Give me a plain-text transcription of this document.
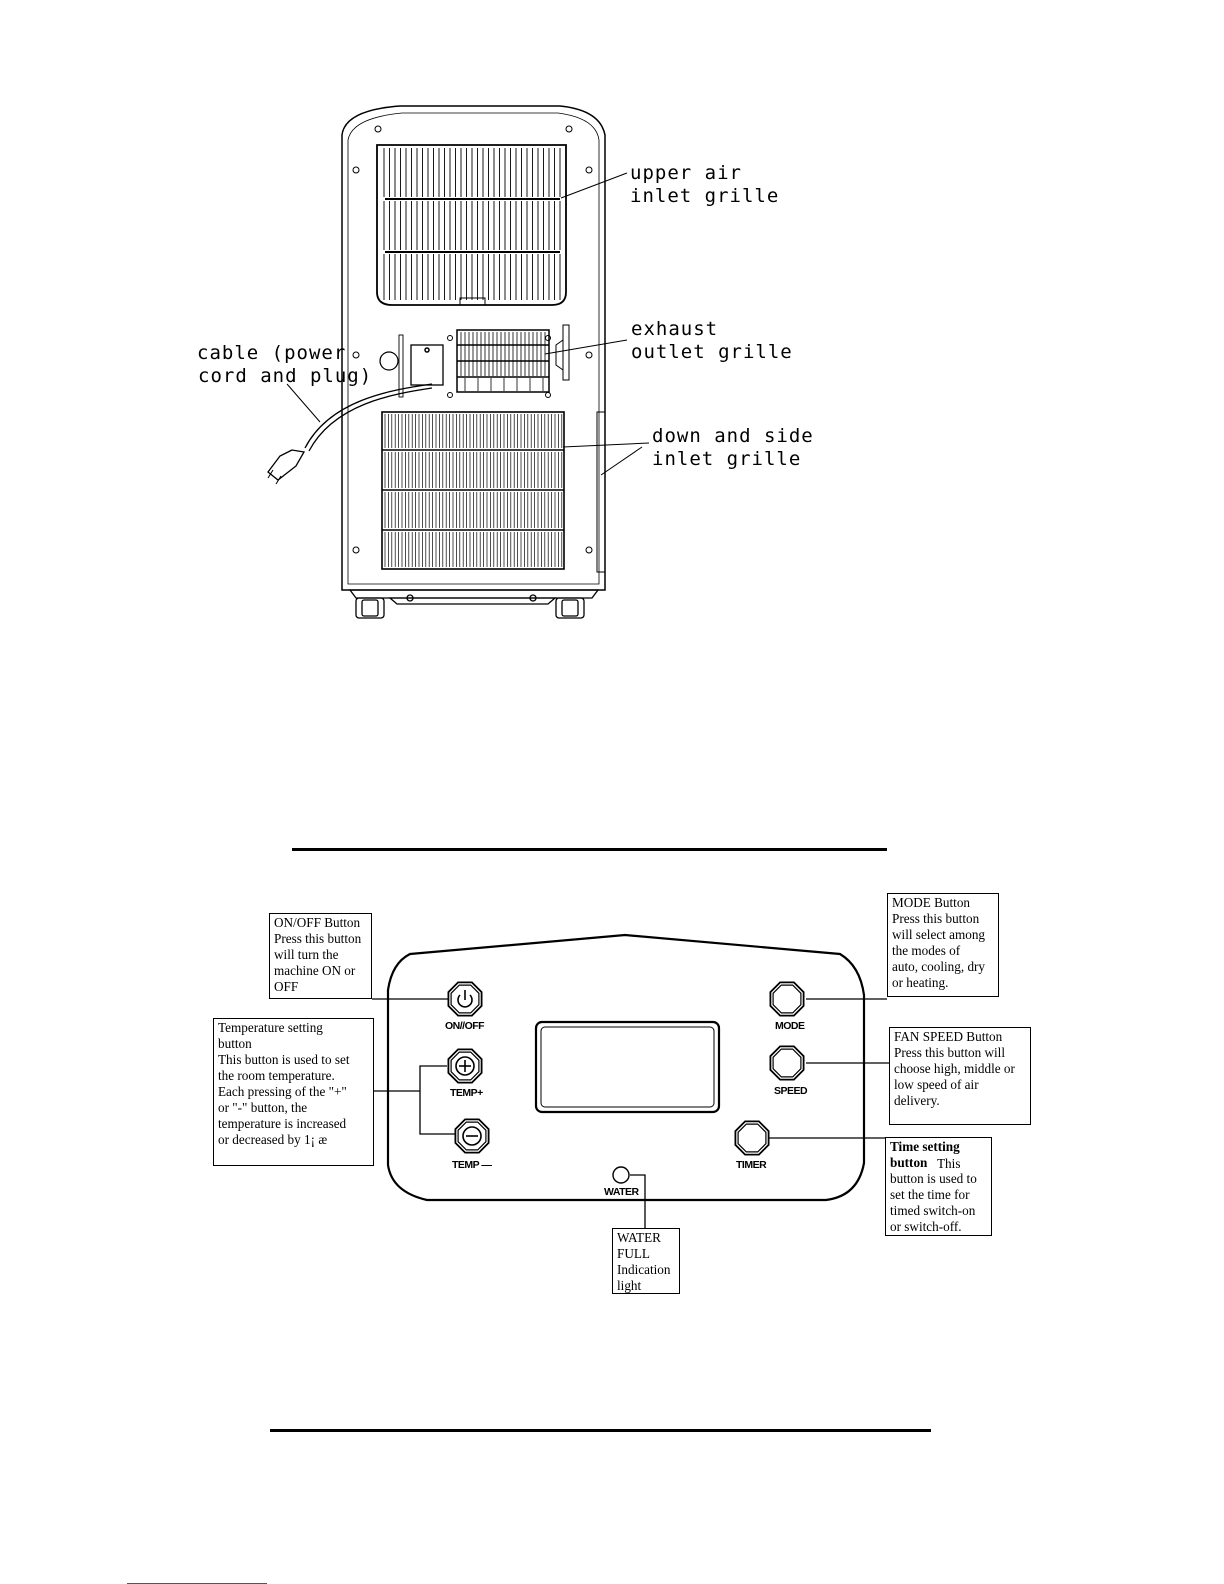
upper air
inlet grille
exhaust
outlet grille
cable (power
cord and plug)
down and side
inlet grille
ON//OFF	MODE
TEMP+	SPEED
TEMP —	TIMER
WATER
ON/OFF Button
Press this button
will turn the
machine ON or
OFF
MODE Button
Press this button
will select among
the modes of
auto, cooling, dry
or heating.
Temperature setting
button
This button is used to set
the room temperature.
Each pressing of the "+"
or "-" button, the
temperature is increased
or decreased by 1¡ æ
FAN SPEED Button
Press this button will
choose high, middle or
low speed of air
delivery.
Time setting button This
button is used to
set the time for
timed switch-on
or switch-off.
WATER
FULL
Indication
light
